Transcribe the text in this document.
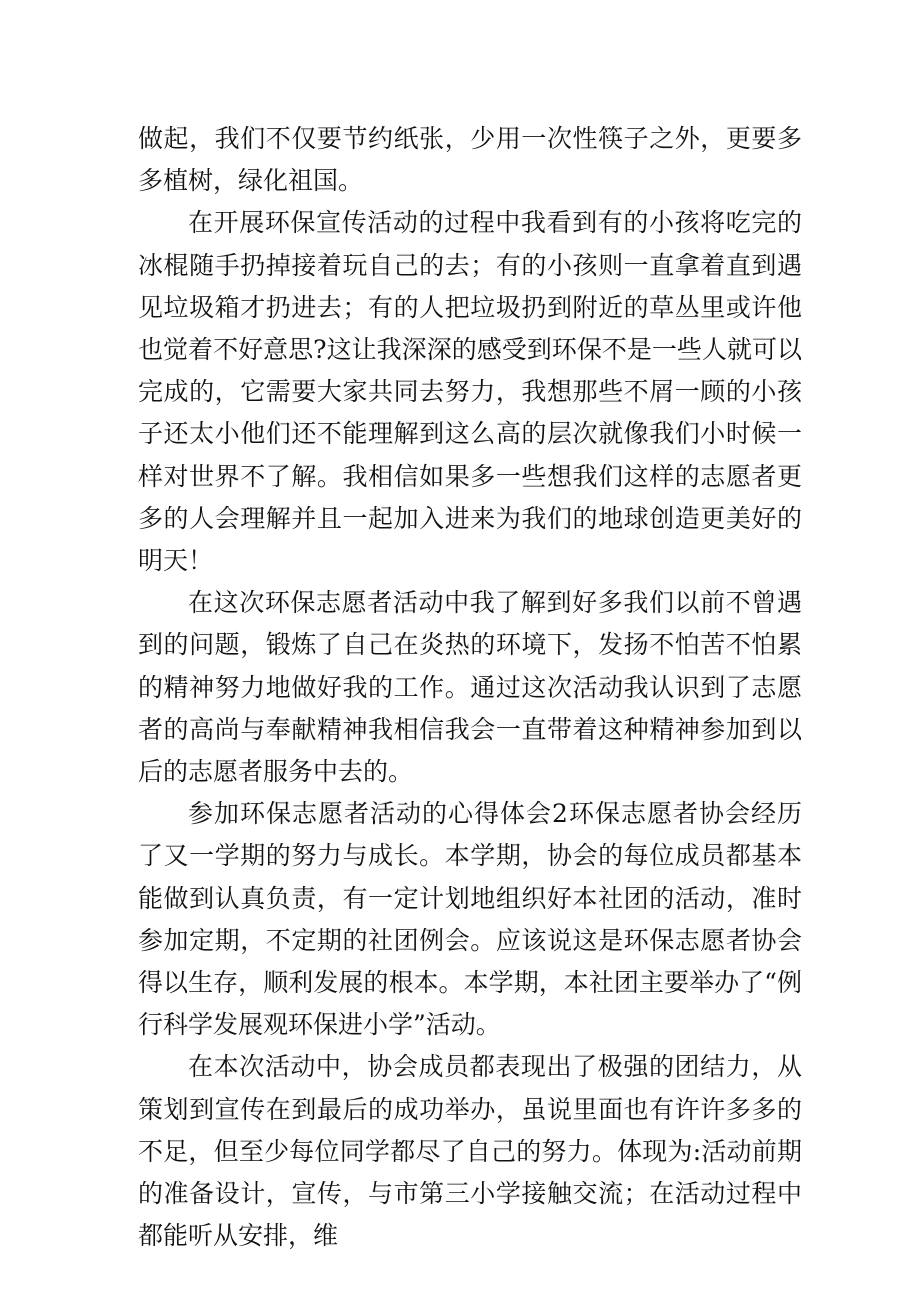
做起，我们不仅要节约纸张，少用一次性筷子之外，更要多多植树，绿化祖国。

在开展环保宣传活动的过程中我看到有的小孩将吃完的冰棍随手扔掉接着玩自己的去；有的小孩则一直拿着直到遇见垃圾箱才扔进去；有的人把垃圾扔到附近的草丛里或许他也觉着不好意思?这让我深深的感受到环保不是一些人就可以完成的，它需要大家共同去努力，我想那些不屑一顾的小孩子还太小他们还不能理解到这么高的层次就像我们小时候一样对世界不了解。我相信如果多一些想我们这样的志愿者更多的人会理解并且一起加入进来为我们的地球创造更美好的明天！

在这次环保志愿者活动中我了解到好多我们以前不曾遇到的问题，锻炼了自己在炎热的环境下，发扬不怕苦不怕累的精神努力地做好我的工作。通过这次活动我认识到了志愿者的高尚与奉献精神我相信我会一直带着这种精神参加到以后的志愿者服务中去的。

参加环保志愿者活动的心得体会2环保志愿者协会经历了又一学期的努力与成长。本学期，协会的每位成员都基本能做到认真负责，有一定计划地组织好本社团的活动，准时参加定期，不定期的社团例会。应该说这是环保志愿者协会得以生存，顺利发展的根本。本学期，本社团主要举办了“例行科学发展观环保进小学”活动。

在本次活动中，协会成员都表现出了极强的团结力，从策划到宣传在到最后的成功举办，虽说里面也有许许多多的不足，但至少每位同学都尽了自己的努力。体现为:活动前期的准备设计，宣传，与市第三小学接触交流；在活动过程中都能听从安排，维
